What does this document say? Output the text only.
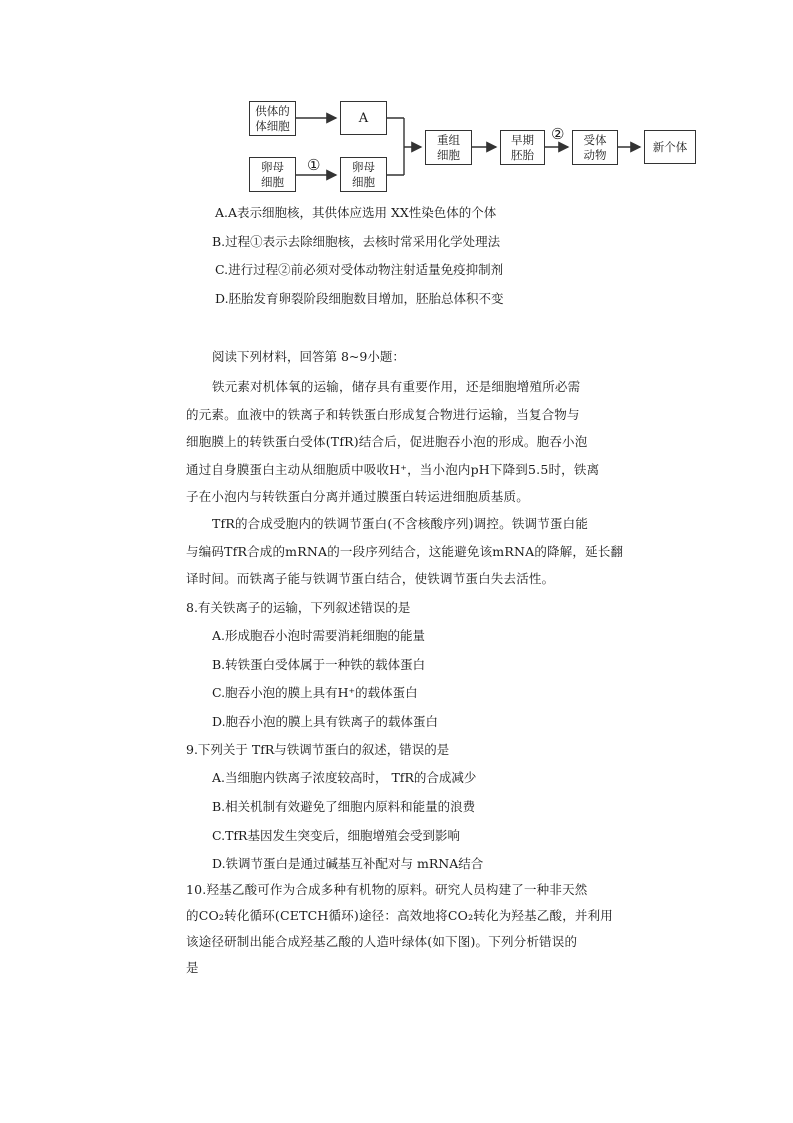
供体的
体细胞	A
卵母
细胞
①	卵母
细胞
重组
细胞
早期
胚胎
②	受体
动物
新个体
A.A表示细胞核，其供体应选用 XX性染色体的个体
B.过程①表示去除细胞核，去核时常采用化学处理法
C.进行过程②前必须对受体动物注射适量免疫抑制剂
D.胚胎发育卵裂阶段细胞数目增加，胚胎总体积不变
阅读下列材料，回答第 8~9小题：
铁元素对机体氧的运输，储存具有重要作用，还是细胞增殖所必需
的元素。血液中的铁离子和转铁蛋白形成复合物进行运输，当复合物与
细胞膜上的转铁蛋白受体(TfR)结合后，促进胞吞小泡的形成。胞吞小泡
通过自身膜蛋白主动从细胞质中吸收H⁺，当小泡内pH下降到5.5时，铁离
子在小泡内与转铁蛋白分离并通过膜蛋白转运进细胞质基质。
TfR的合成受胞内的铁调节蛋白(不含核酸序列)调控。铁调节蛋白能
与编码TfR合成的mRNA的一段序列结合，这能避免该mRNA的降解，延长翻
译时间。而铁离子能与铁调节蛋白结合，使铁调节蛋白失去活性。
8.有关铁离子的运输，下列叙述错误的是
A.形成胞吞小泡时需要消耗细胞的能量
B.转铁蛋白受体属于一种铁的载体蛋白
C.胞吞小泡的膜上具有H⁺的载体蛋白
D.胞吞小泡的膜上具有铁离子的载体蛋白
9.下列关于 TfR与铁调节蛋白的叙述，错误的是
A.当细胞内铁离子浓度较高时， TfR的合成减少
B.相关机制有效避免了细胞内原料和能量的浪费
C.TfR基因发生突变后，细胞增殖会受到影响
D.铁调节蛋白是通过碱基互补配对与 mRNA结合
10.羟基乙酸可作为合成多种有机物的原料。研究人员构建了一种非天然
的CO₂转化循环(CETCH循环)途径：高效地将CO₂转化为羟基乙酸，并利用
该途径研制出能合成羟基乙酸的人造叶绿体(如下图)。下列分析错误的
是
